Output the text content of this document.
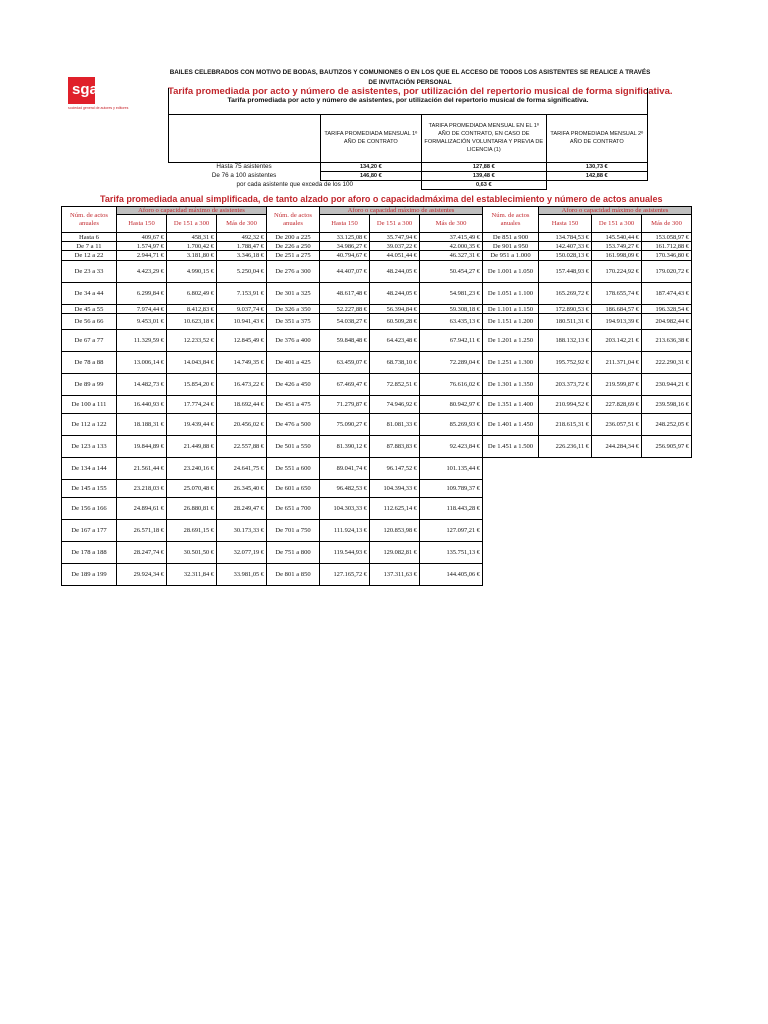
sgae
sociedad general de autores y editores
BAILES CELEBRADOS CON MOTIVO DE BODAS, BAUTIZOS Y COMUNIONES O EN LOS QUE EL ACCESO DE TODOS LOS ASISTENTES SE REALICE A TRAVÉS DE INVITACIÓN PERSONAL
Tarifa promediada por acto y número de asistentes, por utilización del repertorio musical de forma significativa.
Tarifa promediada por acto y número de asistentes, por utilización del repertorio musical de forma significativa.			
	TARIFA PROMEDIADA MENSUAL 1º AÑO DE CONTRATO	TARIFA PROMEDIADA MENSUAL EN EL 1º AÑO DE CONTRATO, EN CASO DE FORMALIZACIÓN VOLUNTARIA Y PREVIA DE LICENCIA (1)	TARIFA PROMEDIADA MENSUAL 2º AÑO DE CONTRATO
Hasta 75 asistentes	134,20 €	127,88 €	130,73 €
De 76 a 100 asistentes	146,80 €	139,48 €	142,88 €
por cada asistente que exceda de los 100		0,63 €	
Tarifa promediada anual simplificada, de tanto alzado por aforo o capacidadmáxima del establecimiento y número de actos anuales
Núm. de actos anuales	Aforo o capacidad máximo de asistentes			Núm. de actos anuales	Aforo o capacidad máximo de asistentes			Núm. de actos anuales	Aforo o capacidad máximo de asistentes		
	Hasta 150	De 151 a 300	Más de 300		Hasta 150	De 151 a 300	Más de 300		Hasta 150	De 151 a 300	Más de 300
Hasta 6	409,67 €	458,31 €	492,32 €	De 200 a 225	33.125,08 €	35.747,94 €	37.415,49 €	De 851 a 900	134.784,53 €	145.540,44 €	153.058,97 €
De 7 a 11	1.574,97 €	1.700,42 €	1.788,47 €	De 226 a 250	34.986,27 €	39.037,22 €	42.000,35 €	De 901 a 950	142.407,33 €	153.749,27 €	161.712,88 €
De 12 a 22	2.944,71 €	3.181,80 €	3.346,18 €	De 251 a 275	40.794,67 €	44.051,44 €	46.327,31 €	De 951 a 1.000	150.028,13 €	161.998,09 €	170.346,80 €
De 23 a 33	4.423,29 €	4.990,15 €	5.250,04 €	De 276 a 300	44.407,07 €	48.244,05 €	50.454,27 €	De 1.001 a 1.050	157.448,93 €	170.224,92 €	179.020,72 €
De 34 a 44	6.299,84 €	6.802,49 €	7.153,91 €	De 301 a 325	48.617,48 €	48.244,05 €	54.981,23 €	De 1.051 a 1.100	165.269,72 €	178.655,74 €	187.474,43 €
De 45 a 55	7.974,44 €	8.412,83 €	9.037,74 €	De 326 a 350	52.227,88 €	56.394,84 €	59.308,18 €	De 1.101 a 1.150	172.890,53 €	186.684,57 €	196.328,54 €
De 56 a 66	9.453,01 €	10.623,18 €	10.941,43 €	De 351 a 375	54.038,27 €	60.509,28 €	63.435,13 €	De 1.151 a 1.200	180.511,31 €	194.913,39 €	204.982,44 €
De 67 a 77	11.329,59 €	12.233,52 €	12.845,49 €	De 376 a 400	59.848,48 €	64.423,48 €	67.942,11 €	De 1.201 a 1.250	188.132,13 €	203.142,21 €	213.636,38 €
De 78 a 88	13.006,14 €	14.043,84 €	14.749,35 €	De 401 a 425	63.459,07 €	68.738,10 €	72.289,04 €	De 1.251 a 1.300	195.752,92 €	211.371,04 €	222.290,31 €
De 89 a 99	14.482,73 €	15.854,20 €	16.473,22 €	De 426 a 450	67.469,47 €	72.852,51 €	76.616,02 €	De 1.301 a 1.350	203.373,72 €	219.599,87 €	230.944,21 €
De 100 a 111	16.440,93 €	17.774,24 €	18.692,44 €	De 451 a 475	71.279,87 €	74.946,92 €	80.942,97 €	De 1.351 a 1.400	210.994,52 €	227.828,69 €	239.598,16 €
De 112 a 122	18.188,31 €	19.439,44 €	20.456,02 €	De 476 a 500	75.090,27 €	81.081,33 €	85.269,93 €	De 1.401 a 1.450	218.615,31 €	236.057,51 €	248.252,05 €
De 123 a 133	19.844,89 €	21.449,88 €	22.557,88 €	De 501 a 550	81.390,12 €	87.883,83 €	92.423,84 €	De 1.451 a 1.500	226.236,11 €	244.284,34 €	256.905,97 €
De 134 a 144	21.561,44 €	23.240,16 €	24.641,75 €	De 551 a 600	89.041,74 €	96.147,52 €	101.135,44 €				
De 145 a 155	23.218,03 €	25.070,48 €	26.345,40 €	De 601 a 650	96.482,53 €	104.394,33 €	109.789,37 €				
De 156 a 166	24.894,61 €	26.880,81 €	28.249,47 €	De 651 a 700	104.303,33 €	112.625,14 €	118.443,28 €				
De 167 a 177	26.571,18 €	28.691,15 €	30.173,33 €	De 701 a 750	111.924,13 €	120.853,98 €	127.097,21 €				
De 178 a 188	28.247,74 €	30.501,50 €	32.077,19 €	De 751 a 800	119.544,93 €	129.082,81 €	135.751,13 €				
De 189 a 199	29.924,34 €	32.311,84 €	33.981,05 €	De 801 a 850	127.165,72 €	137.311,63 €	144.405,06 €				
